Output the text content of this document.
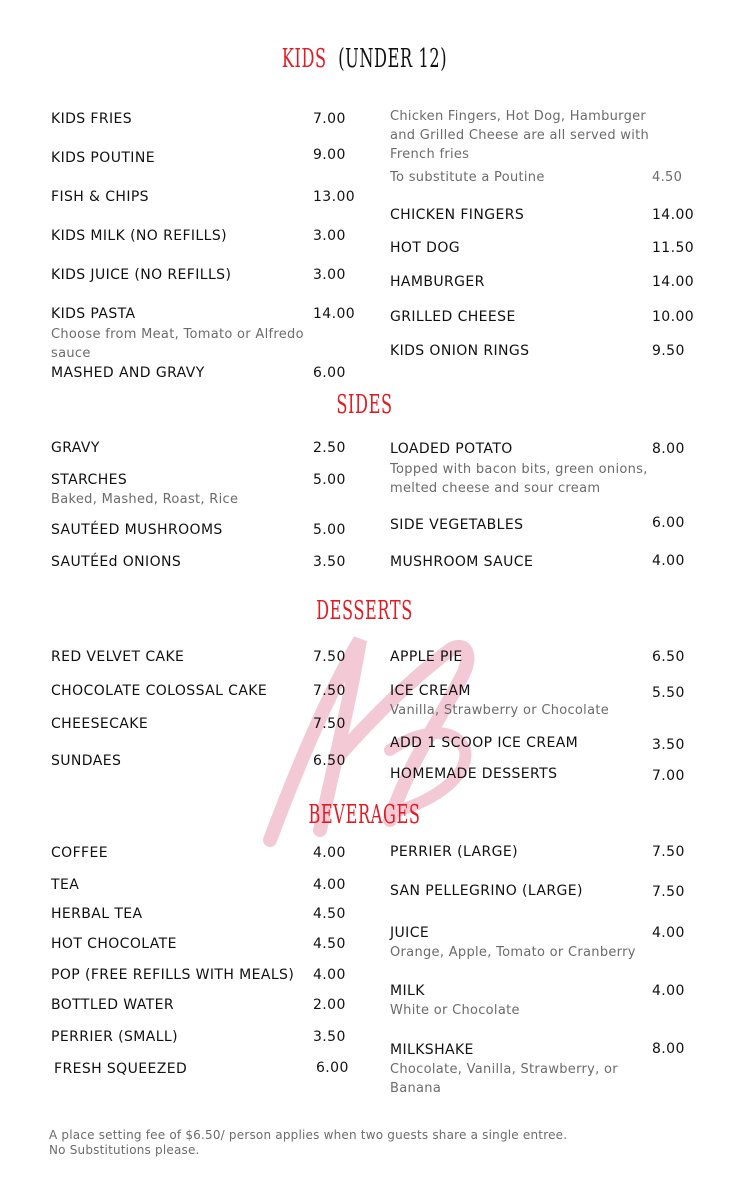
KIDS (UNDER 12)
KIDS FRIES	7.00
KIDS POUTINE	9.00
FISH & CHIPS	13.00
KIDS MILK (NO REFILLS)	3.00
KIDS JUICE (NO REFILLS)	3.00
KIDS PASTA	14.00
Choose from Meat, Tomato or Alfredo sauce
MASHED AND GRAVY	6.00
Chicken Fingers, Hot Dog, Hamburger and Grilled Cheese are all served with French fries
To substitute a Poutine	4.50
CHICKEN FINGERS	14.00
HOT DOG	11.50
HAMBURGER	14.00
GRILLED CHEESE	10.00
KIDS ONION RINGS	9.50
SIDES
GRAVY	2.50
STARCHES	5.00
Baked, Mashed, Roast, Rice
SAUTÉED MUSHROOMS	5.00
SAUTÉEd ONIONS	3.50
LOADED POTATO	8.00
Topped with bacon bits, green onions, melted cheese and sour cream
SIDE VEGETABLES	6.00
MUSHROOM SAUCE	4.00
DESSERTS
RED VELVET CAKE	7.50
CHOCOLATE COLOSSAL CAKE	7.50
CHEESECAKE	7.50
SUNDAES	6.50
APPLE PIE	6.50
ICE CREAM	5.50
Vanilla, Strawberry or Chocolate
ADD 1 SCOOP ICE CREAM	3.50
HOMEMADE DESSERTS	7.00
BEVERAGES
COFFEE	4.00
TEA	4.00
HERBAL TEA	4.50
HOT CHOCOLATE	4.50
POP (FREE REFILLS WITH MEALS) 4.00
BOTTLED WATER	2.00
PERRIER (SMALL)	3.50
FRESH SQUEEZED	6.00
PERRIER (LARGE)	7.50
SAN PELLEGRINO (LARGE)	7.50
JUICE	4.00
Orange, Apple, Tomato or Cranberry
MILK	4.00
White or Chocolate
MILKSHAKE	8.00
Chocolate, Vanilla, Strawberry, or Banana
A place setting fee of $6.50/ person applies when two guests share a single entree.
No Substitutions please.
